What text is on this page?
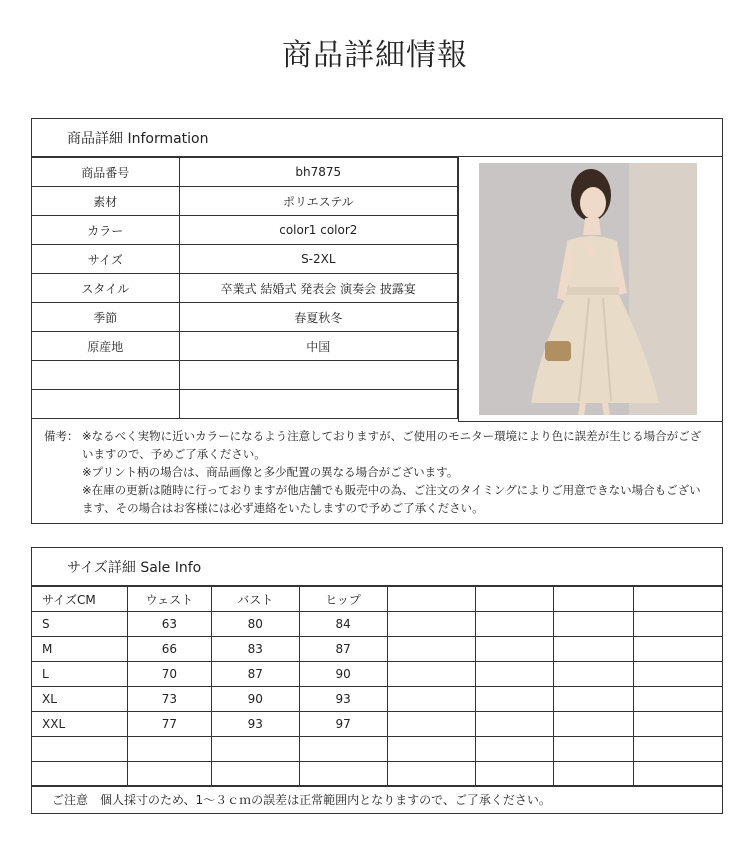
商品詳細情報
商品詳細 Information
商品番号	bh7875
素材	ポリエステル
カラー	color1 color2
サイズ	S-2XL
スタイル	卒業式 結婚式 発表会 演奏会 披露宴
季節	春夏秋冬
原産地	中国

備考： ※なるべく実物に近いカラーになるよう注意しておりますが、ご使用のモニター環境により色に誤差が生じる場合がございますので、予めご了承ください。
※プリント柄の場合は、商品画像と多少配置の異なる場合がございます。
※在庫の更新は随時に行っておりますが他店舗でも販売中の為、ご注文のタイミングによりご用意できない場合もございます、その場合はお客様には必ず連絡をいたしますので予めご了承ください。
サイズ詳細 Sale Info
サイズCM	ウェスト	バスト	ヒップ				
S	63	80	84				
M	66	83	87				
L	70	87	90				
XL	73	90	93				
XXL	77	93	97				

ご注意　個人採寸のため、1～３ｃｍの誤差は正常範囲内となりますので、ご了承ください。
